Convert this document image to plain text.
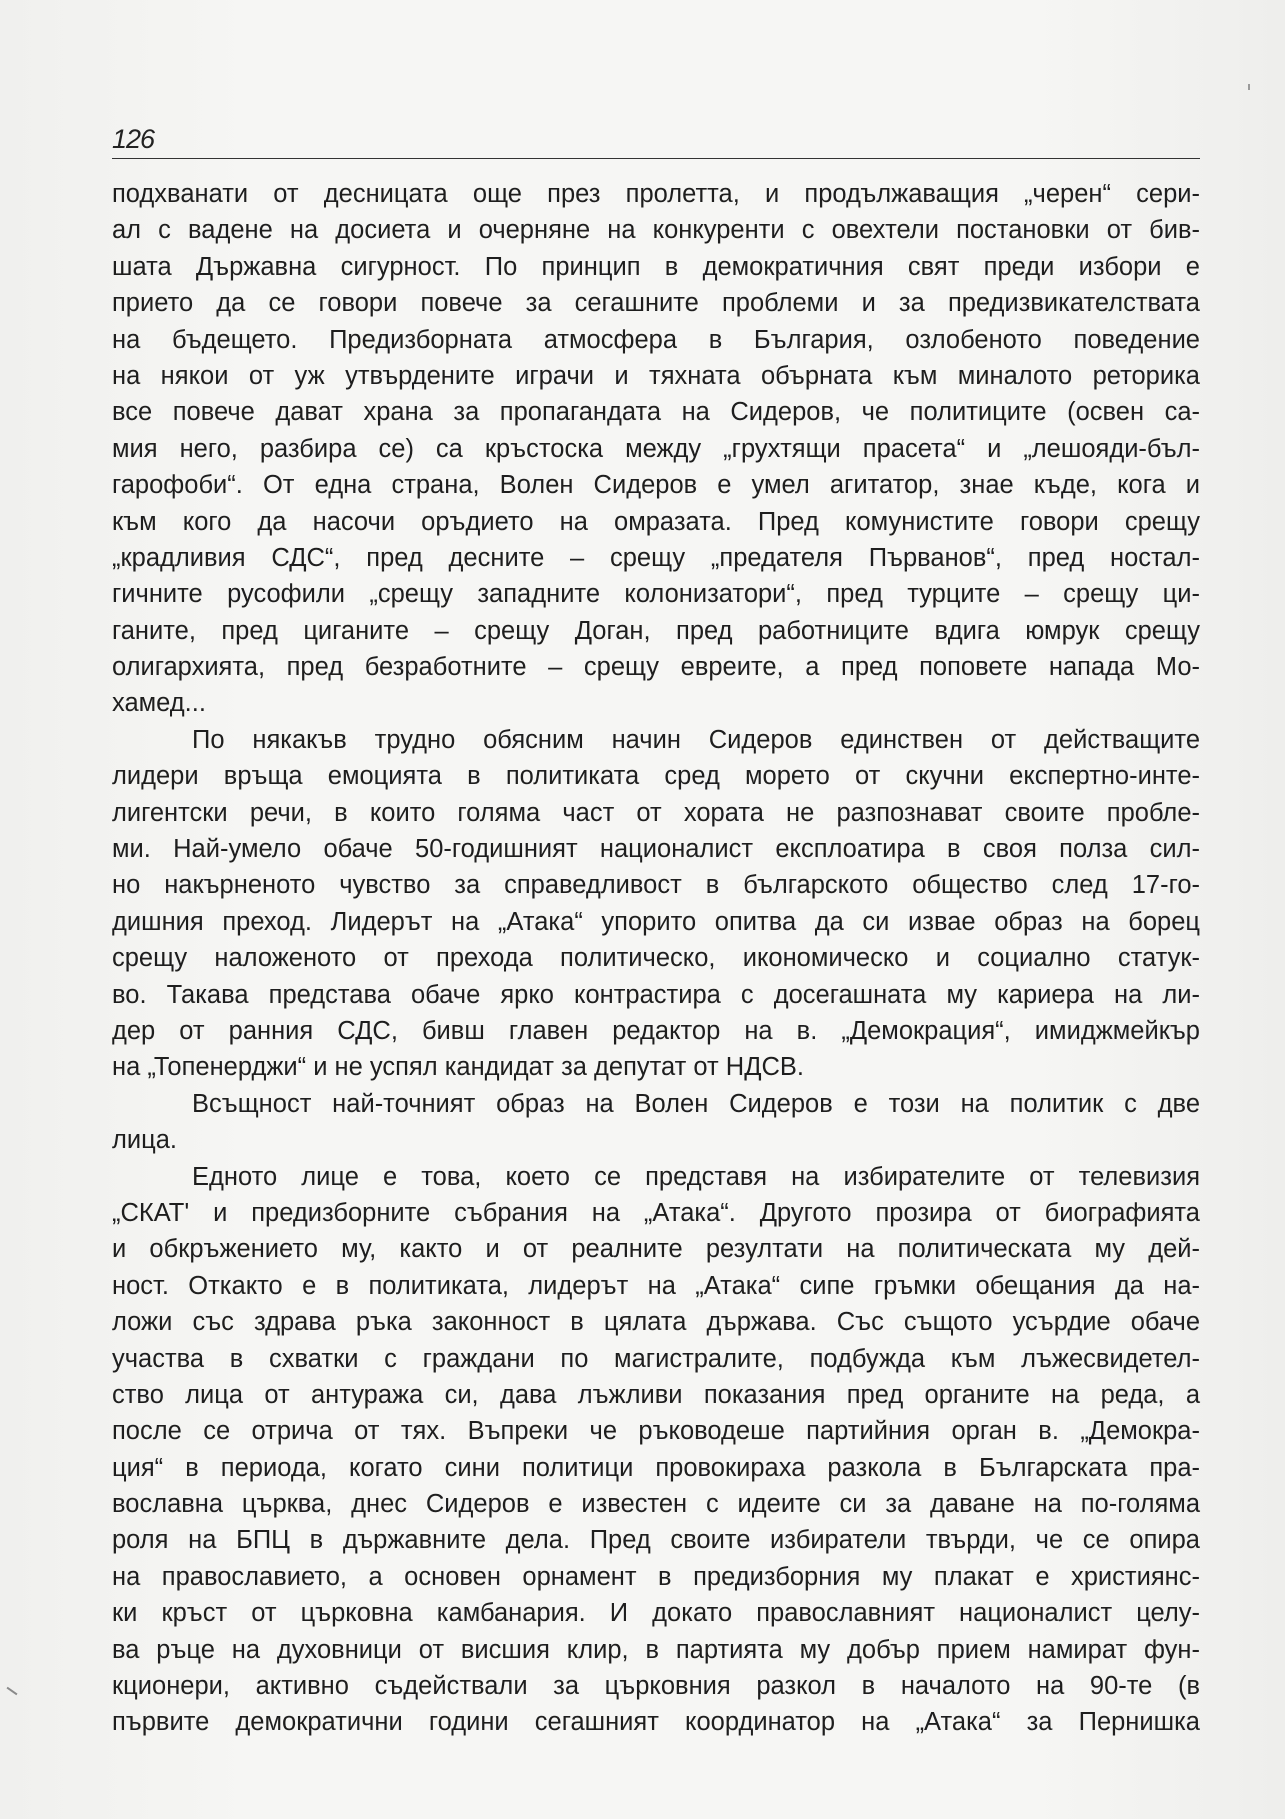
126
подхванати от десницата още през пролетта, и продължаващия „черен“ сери-
ал с вадене на досиета и очерняне на конкуренти с овехтели постановки от бив-
шата Държавна сигурност. По принцип в демократичния свят преди избори е
прието да се говори повече за сегашните проблеми и за предизвикателствата
на бъдещето. Предизборната атмосфера в България, озлобеното поведение
на някои от уж утвърдените играчи и тяхната обърната към миналото реторика
все повече дават храна за пропагандата на Сидеров, че политиците (освен са-
мия него, разбира се) са кръстоска между „грухтящи прасета“ и „лешояди-бъл-
гарофоби“. От една страна, Волен Сидеров е умел агитатор, знае къде, кога и
към кого да насочи оръдието на омразата. Пред комунистите говори срещу
„крадливия СДС“, пред десните – срещу „предателя Първанов“, пред ностал-
гичните русофили „срещу западните колонизатори“, пред турците – срещу ци-
ганите, пред циганите – срещу Доган, пред работниците вдига юмрук срещу
олигархията, пред безработните – срещу евреите, а пред поповете напада Мо-
хамед...
По някакъв трудно обясним начин Сидеров единствен от действащите
лидери връща емоцията в политиката сред морето от скучни експертно-инте-
лигентски речи, в които голяма част от хората не разпознават своите пробле-
ми. Най-умело обаче 50-годишният националист експлоатира в своя полза сил-
но накърненото чувство за справедливост в българското общество след 17-го-
дишния преход. Лидерът на „Атака“ упорито опитва да си изваe образ на борец
срещу наложеното от прехода политическо, икономическо и социално статук-
во. Такава представа обаче ярко контрастира с досегашната му кариера на ли-
дер от ранния СДС, бивш главен редактор на в. „Демокрация“, имиджмейкър
на „Топенерджи“ и не успял кандидат за депутат от НДСВ.
Всъщност най-точният образ на Волен Сидеров е този на политик с две
лица.
Едното лице е това, което се представя на избирателите от телевизия
„СКАТ' и предизборните събрания на „Атака“. Другото прозира от биографията
и обкръжението му, както и от реалните резултати на политическата му дей-
ност. Откакто е в политиката, лидерът на „Атака“ сипе гръмки обещания да на-
ложи със здрава ръка законност в цялата държава. Със същото усърдие обаче
участва в схватки с граждани по магистралите, подбужда към лъжесвидетел-
ство лица от антуража си, дава лъжливи показания пред органите на реда, а
после се отрича от тях. Въпреки че ръководеше партийния орган в. „Демокра-
ция“ в периода, когато сини политици провокираха разкола в Българската пра-
вославна църква, днес Сидеров е известен с идеите си за даване на по-голяма
роля на БПЦ в държавните дела. Пред своите избиратели твърди, че се опира
на православието, а основен орнамент в предизборния му плакат е християнс-
ки кръст от църковна камбанария. И докато православният националист целу-
ва ръце на духовници от висшия клир, в партията му добър прием намират фун-
кционери, активно съдействали за църковния разкол в началото на 90-те (в
първите демократични години сегашният координатор на „Атака“ за Пернишка
